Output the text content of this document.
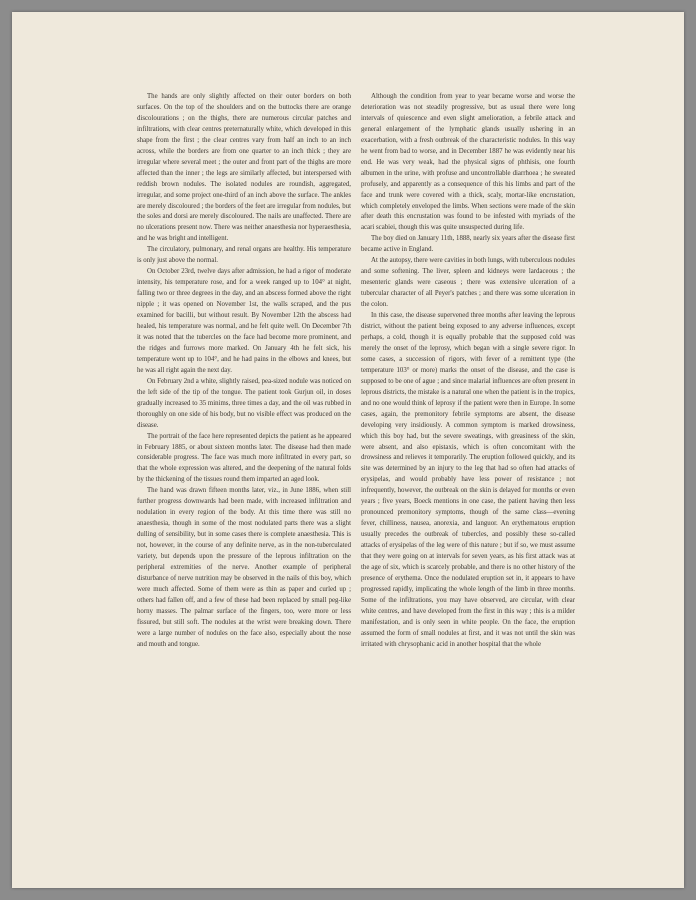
The hands are only slightly affected on their outer borders on both surfaces. On the top of the shoulders and on the buttocks there are orange discolourations ; on the thighs, there are numerous circular patches and infiltrations, with clear centres preternaturally white, which developed in this shape from the first ; the clear centres vary from half an inch to an inch across, while the borders are from one quarter to an inch thick ; they are irregular where several meet ; the outer and front part of the thighs are more affected than the inner ; the legs are similarly affected, but interspersed with reddish brown nodules. The isolated nodules are roundish, aggregated, irregular, and some project one-third of an inch above the surface. The ankles are merely discoloured ; the borders of the feet are irregular from nodules, but the soles and dorsi are merely discoloured. The nails are unaffected. There are no ulcerations present now. There was neither anaesthesia nor hyperaesthesia, and he was bright and intelligent.

The circulatory, pulmonary, and renal organs are healthy. His temperature is only just above the normal.

On October 23rd, twelve days after admission, he had a rigor of moderate intensity, his temperature rose, and for a week ranged up to 104° at night, falling two or three degrees in the day, and an abscess formed above the right nipple ; it was opened on November 1st, the walls scraped, and the pus examined for bacilli, but without result. By November 12th the abscess had healed, his temperature was normal, and he felt quite well. On December 7th it was noted that the tubercles on the face had become more prominent, and the ridges and furrows more marked. On January 4th he felt sick, his temperature went up to 104°, and he had pains in the elbows and knees, but he was all right again the next day.

On February 2nd a white, slightly raised, pea-sized nodule was noticed on the left side of the tip of the tongue. The patient took Gurjun oil, in doses gradually increased to 35 minims, three times a day, and the oil was rubbed in thoroughly on one side of his body, but no visible effect was produced on the disease.

The portrait of the face here represented depicts the patient as he appeared in February 1885, or about sixteen months later. The disease had then made considerable progress. The face was much more infiltrated in every part, so that the whole expression was altered, and the deepening of the natural folds by the thickening of the tissues round them imparted an aged look.

The hand was drawn fifteen months later, viz., in June 1886, when still further progress downwards had been made, with increased infiltration and nodulation in every region of the body. At this time there was still no anaesthesia, though in some of the most nodulated parts there was a slight dulling of sensibility, but in some cases there is complete anaesthesia. This is not, however, in the course of any definite nerve, as in the non-tuberculated variety, but depends upon the pressure of the leprous infiltration on the peripheral extremities of the nerve. Another example of peripheral disturbance of nerve nutrition may be observed in the nails of this boy, which were much affected. Some of them were as thin as paper and curled up ; others had fallen off, and a few of these had been replaced by small peg-like horny masses. The palmar surface of the fingers, too, were more or less fissured, but still soft. The nodules at the wrist were breaking down. There were a large number of nodules on the face also, especially about the nose and mouth and tongue.

Although the condition from year to year became worse and worse the deterioration was not steadily progressive, but as usual there were long intervals of quiescence and even slight amelioration, a febrile attack and general enlargement of the lymphatic glands usually ushering in an exacerbation, with a fresh outbreak of the characteristic nodules. In this way he went from bad to worse, and in December 1887 he was evidently near his end. He was very weak, had the physical signs of phthisis, one fourth albumen in the urine, with profuse and uncontrollable diarrhoea ; he sweated profusely, and apparently as a consequence of this his limbs and part of the face and trunk were covered with a thick, scaly, mortar-like encrustation, which completely enveloped the limbs. When sections were made of the skin after death this encrustation was found to be infested with myriads of the acari scabiei, though this was quite unsuspected during life.

The boy died on January 11th, 1888, nearly six years after the disease first became active in England.

At the autopsy, there were cavities in both lungs, with tuberculous nodules and some softening. The liver, spleen and kidneys were lardaceous ; the mesenteric glands were caseous ; there was extensive ulceration of a tubercular character of all Peyer's patches ; and there was some ulceration in the colon.

In this case, the disease supervened three months after leaving the leprous district, without the patient being exposed to any adverse influences, except perhaps, a cold, though it is equally probable that the supposed cold was merely the onset of the leprosy, which began with a single severe rigor. In some cases, a succession of rigors, with fever of a remittent type (the temperature 103° or more) marks the onset of the disease, and the case is supposed to be one of ague ; and since malarial influences are often present in leprous districts, the mistake is a natural one when the patient is in the tropics, and no one would think of leprosy if the patient were then in Europe. In some cases, again, the premonitory febrile symptoms are absent, the disease developing very insidiously. A common symptom is marked drowsiness, which this boy had, but the severe sweatings, with greasiness of the skin, were absent, and also epistaxis, which is often concomitant with the drowsiness and relieves it temporarily. The eruption followed quickly, and its site was determined by an injury to the leg that had so often had attacks of erysipelas, and would probably have less power of resistance ; not infrequently, however, the outbreak on the skin is delayed for months or even years ; five years, Boeck mentions in one case, the patient having then less pronounced premonitory symptoms, though of the same class—evening fever, chilliness, nausea, anorexia, and languor. An erythematous eruption usually precedes the outbreak of tubercles, and possibly these so-called attacks of erysipelas of the leg were of this nature ; but if so, we must assume that they were going on at intervals for seven years, as his first attack was at the age of six, which is scarcely probable, and there is no other history of the presence of erythema. Once the nodulated eruption set in, it appears to have progressed rapidly, implicating the whole length of the limb in three months. Some of the infiltrations, you may have observed, are circular, with clear white centres, and have developed from the first in this way ; this is a milder manifestation, and is only seen in white people. On the face, the eruption assumed the form of small nodules at first, and it was not until the skin was irritated with chrysophanic acid in another hospital that the whole
